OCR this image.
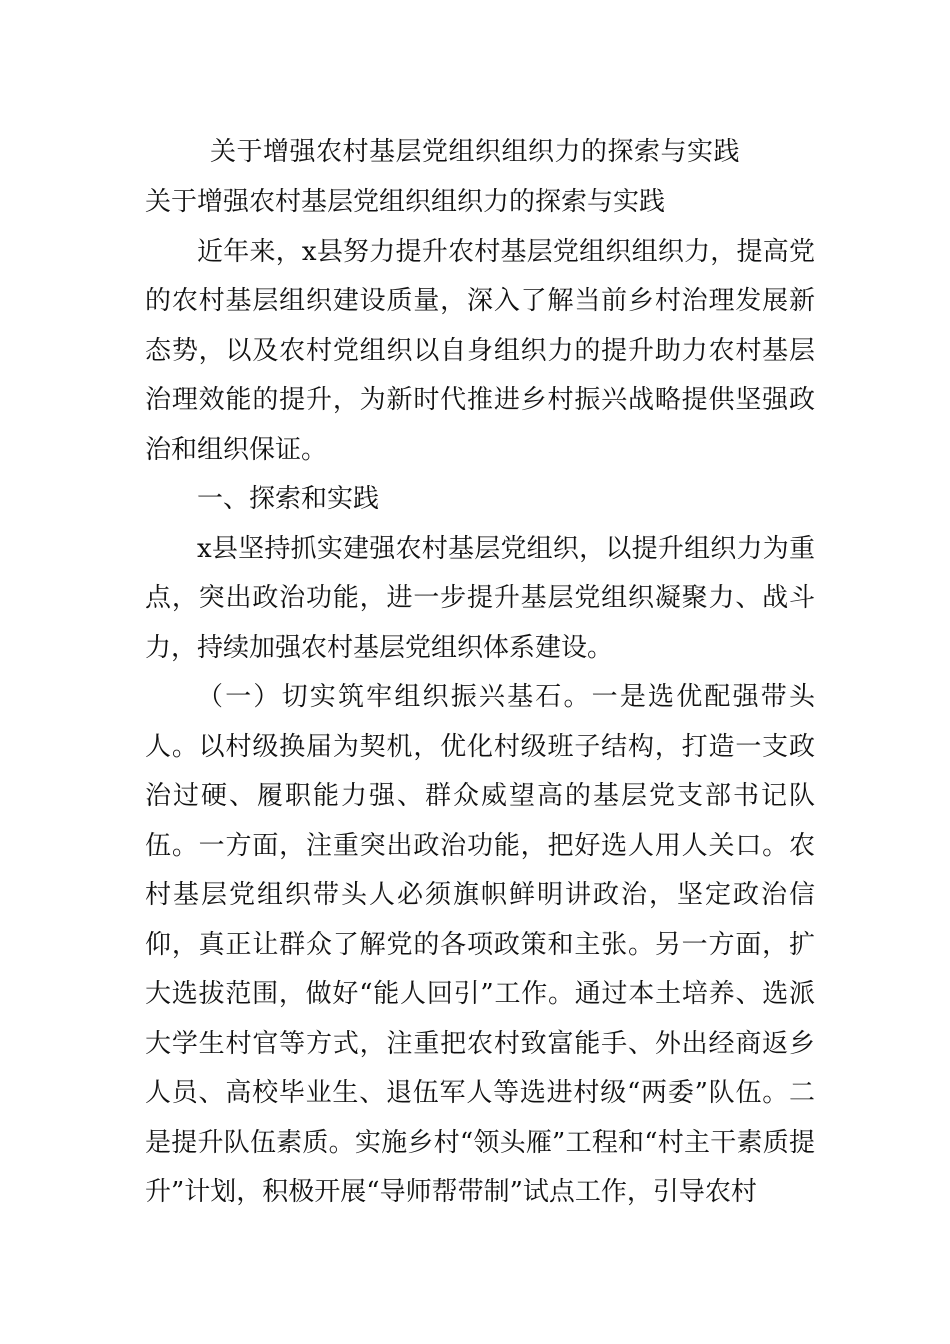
关于增强农村基层党组织组织力的探索与实践

关于增强农村基层党组织组织力的探索与实践

近年来，x县努力提升农村基层党组织组织力，提高党的农村基层组织建设质量，深入了解当前乡村治理发展新态势，以及农村党组织以自身组织力的提升助力农村基层治理效能的提升，为新时代推进乡村振兴战略提供坚强政治和组织保证。

一、探索和实践

x县坚持抓实建强农村基层党组织，以提升组织力为重点，突出政治功能，进一步提升基层党组织凝聚力、战斗力，持续加强农村基层党组织体系建设。

（一）切实筑牢组织振兴基石。一是选优配强带头人。以村级换届为契机，优化村级班子结构，打造一支政治过硬、履职能力强、群众威望高的基层党支部书记队伍。一方面，注重突出政治功能，把好选人用人关口。农村基层党组织带头人必须旗帜鲜明讲政治，坚定政治信仰，真正让群众了解党的各项政策和主张。另一方面，扩大选拔范围，做好“能人回引”工作。通过本土培养、选派大学生村官等方式，注重把农村致富能手、外出经商返乡人员、高校毕业生、退伍军人等选进村级“两委”队伍。二是提升队伍素质。实施乡村“领头雁”工程和“村主干素质提升”计划，积极开展“导师帮带制”试点工作，引导农村
